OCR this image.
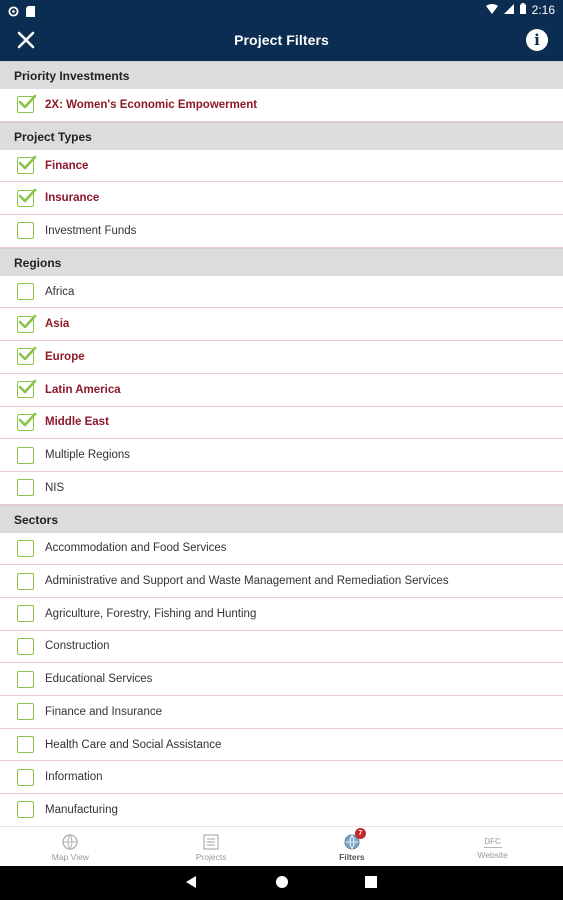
2:16
Project Filters	i
Priority Investments
2X: Women's Economic Empowerment
Project Types
Finance
Insurance
Investment Funds
Regions
Africa
Asia
Europe
Latin America
Middle East
Multiple Regions
NIS
Sectors
Accommodation and Food Services
Administrative and Support and Waste Management and Remediation Services
Agriculture, Forestry, Fishing and Hunting
Construction
Educational Services
Finance and Insurance
Health Care and Social Assistance
Information
Manufacturing
Map View	Projects
7
Filters
DFC
Website
